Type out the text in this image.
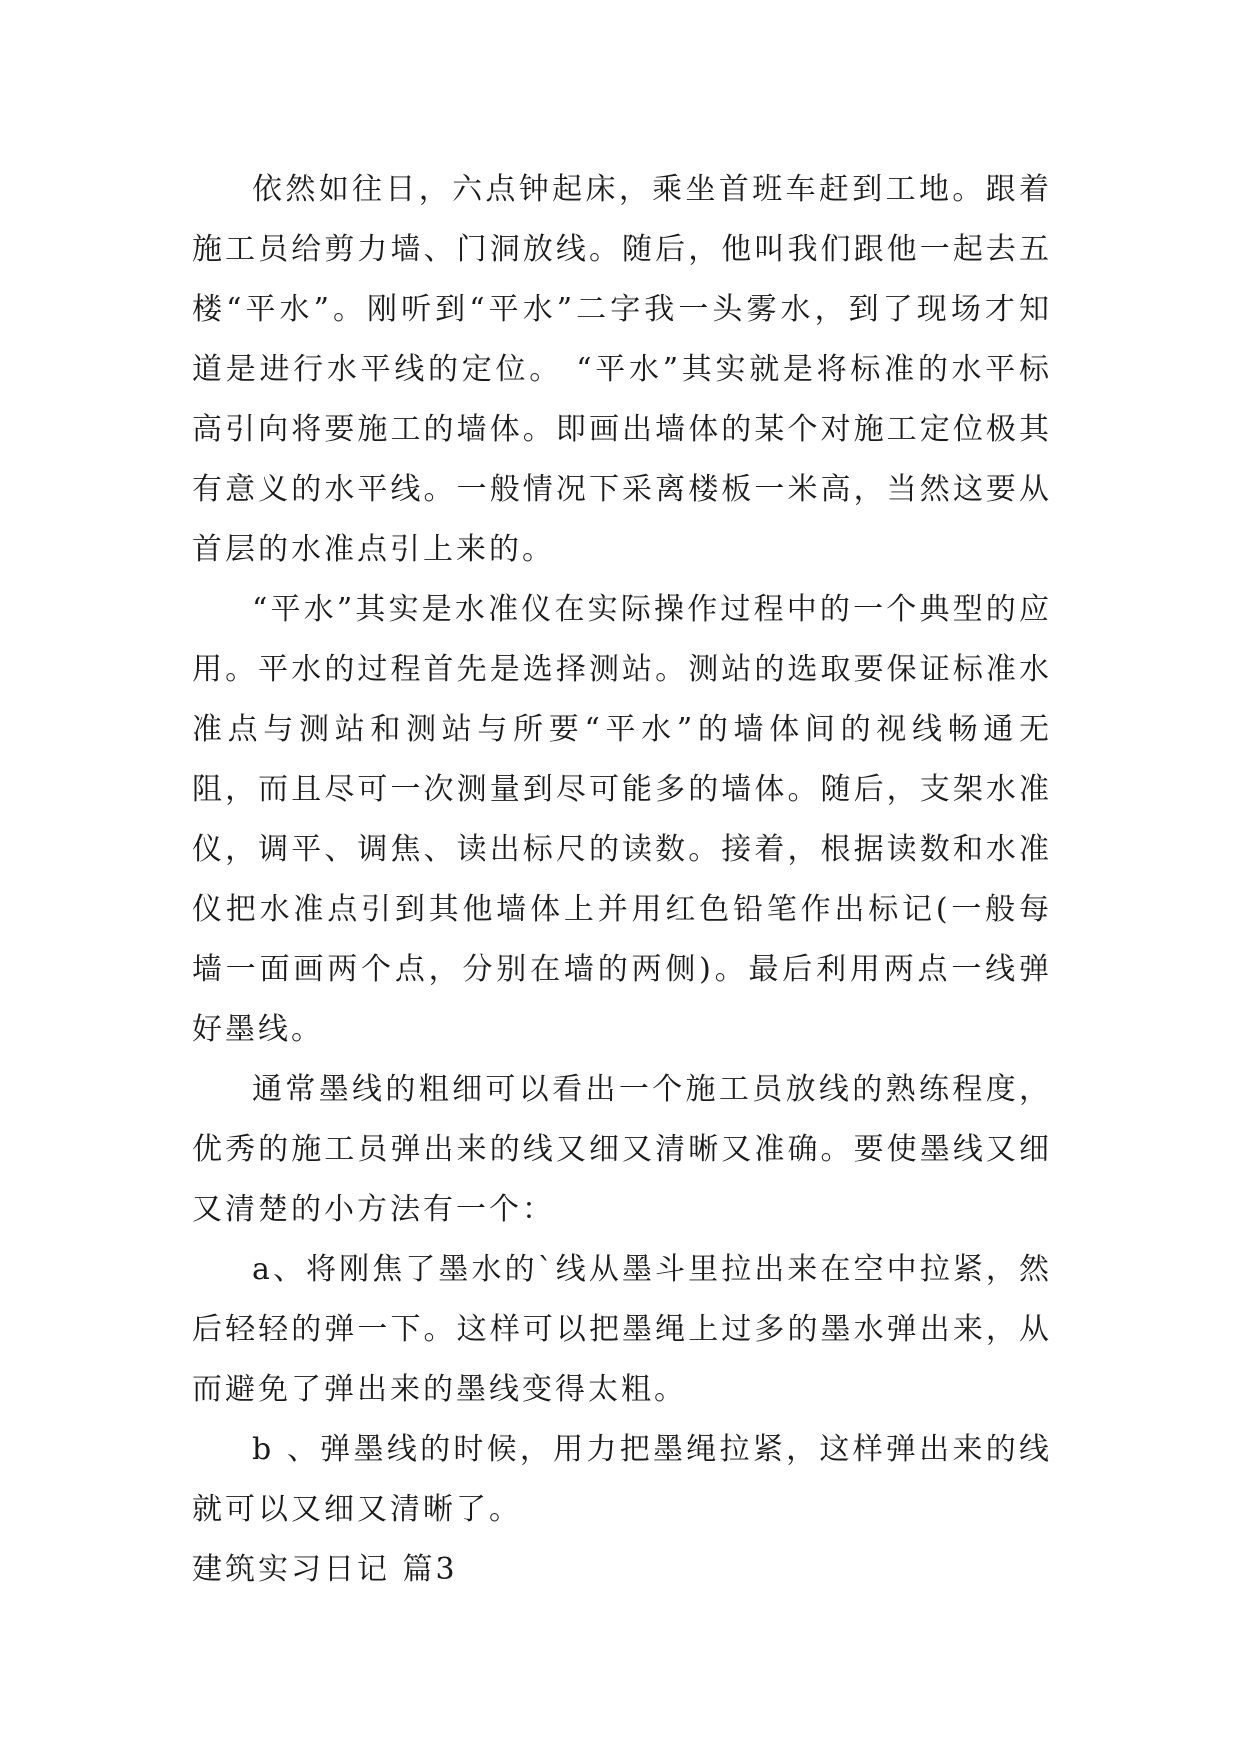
依然如往日，六点钟起床，乘坐首班车赶到工地。跟着施工员给剪力墙、门洞放线。随后，他叫我们跟他一起去五楼“平水”。刚听到“平水”二字我一头雾水，到了现场才知道是进行水平线的定位。 “平水”其实就是将标准的水平标高引向将要施工的墙体。即画出墙体的某个对施工定位极其有意义的水平线。一般情况下采离楼板一米高，当然这要从首层的水准点引上来的。

“平水”其实是水准仪在实际操作过程中的一个典型的应用。平水的过程首先是选择测站。测站的选取要保证标准水准点与测站和测站与所要“平水”的墙体间的视线畅通无阻，而且尽可一次测量到尽可能多的墙体。随后，支架水准仪，调平、调焦、读出标尺的读数。接着，根据读数和水准仪把水准点引到其他墙体上并用红色铅笔作出标记(一般每墙一面画两个点，分别在墙的两侧)。最后利用两点一线弹好墨线。

通常墨线的粗细可以看出一个施工员放线的熟练程度，优秀的施工员弹出来的线又细又清晰又准确。要使墨线又细又清楚的小方法有一个：

a、将刚焦了墨水的`线从墨斗里拉出来在空中拉紧，然后轻轻的弹一下。这样可以把墨绳上过多的墨水弹出来，从而避免了弹出来的墨线变得太粗。

b 、弹墨线的时候，用力把墨绳拉紧，这样弹出来的线就可以又细又清晰了。

建筑实习日记 篇3
